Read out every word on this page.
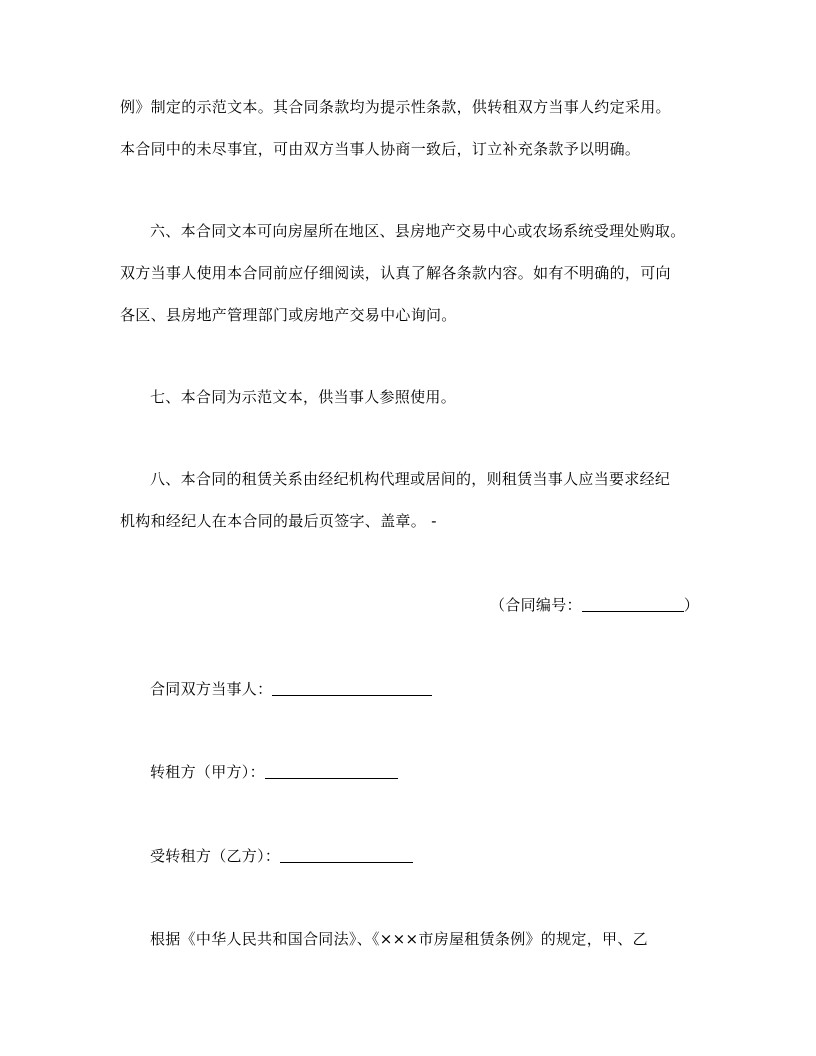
例》制定的示范文本。其合同条款均为提示性条款，供转租双方当事人约定采用。
本合同中的未尽事宜，可由双方当事人协商一致后，订立补充条款予以明确。
六、本合同文本可向房屋所在地区、县房地产交易中心或农场系统受理处购取。
双方当事人使用本合同前应仔细阅读，认真了解各条款内容。如有不明确的，可向
各区、县房地产管理部门或房地产交易中心询问。
七、本合同为示范文本，供当事人参照使用。
八、本合同的租赁关系由经纪机构代理或居间的，则租赁当事人应当要求经纪
机构和经纪人在本合同的最后页签字、盖章。 -
（合同编号：	）
合同双方当事人：
转租方（甲方）：
受转租方（乙方）：
根据《中华人民共和国合同法》、《×××市房屋租赁条例》的规定，甲、乙
